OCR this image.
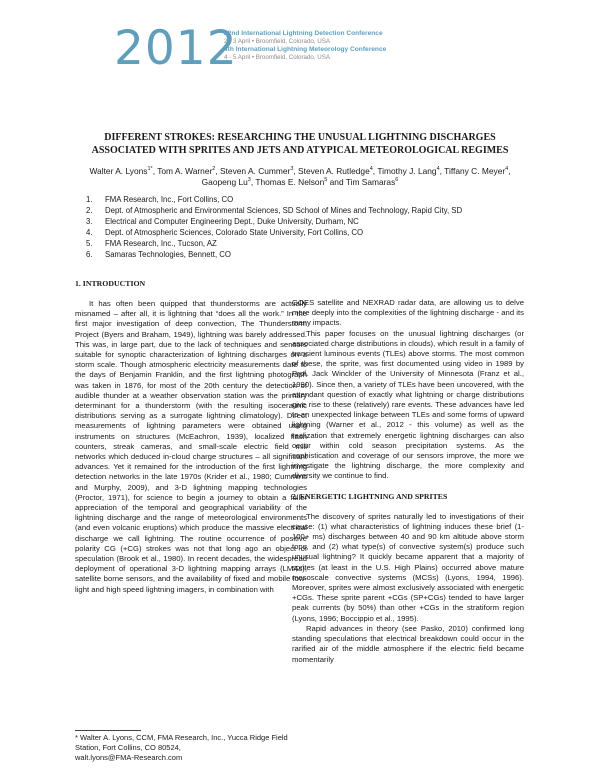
2012
22nd International Lightning Detection Conference
2 - 3 April • Broomfield, Colorado, USA
4th International Lightning Meteorology Conference
4 - 5 April • Broomfield, Colorado, USA
DIFFERENT STROKES: RESEARCHING THE UNUSUAL LIGHTNING DISCHARGES
ASSOCIATED WITH SPRITES AND JETS AND ATYPICAL METEOROLOGICAL REGIMES
Walter A. Lyons$^{1*}$, Tom A. Warner$^2$, Steven A. Cummer$^3$, Steven A. Rutledge$^4$, Timothy J. Lang$^4$, Tiffany C. Meyer$^4$,
Gaopeng Lu$^3$, Thomas E. Nelson$^5$ and Tim Samaras$^6$
1. FMA Research, Inc., Fort Collins, CO
2. Dept. of Atmospheric and Environmental Sciences, SD School of Mines and Technology, Rapid City, SD
3. Electrical and Computer Engineering Dept., Duke University, Durham, NC
4. Dept. of Atmospheric Sciences, Colorado State University, Fort Collins, CO
5. FMA Research, Inc., Tucson, AZ
6. Samaras Technologies, Bennett, CO
1. INTRODUCTION

It has often been quipped that thunderstorms are actually misnamed – after all, it is lightning that “does all the work.” In the first major investigation of deep convection, The Thunderstorm Project (Byers and Braham, 1949), lightning was barely addressed. This was, in large part, due to the lack of techniques and sensors suitable for synoptic characterization of lightning discharges on a storm scale. Though atmospheric electricity measurements date to the days of Benjamin Franklin, and the first lightning photograph was taken in 1876, for most of the 20th century the detection of audible thunder at a weather observation station was the primary determinant for a thunderstorm (with the resulting isoceraunic distributions serving as a surrogate lightning climatology). Direct measurements of lightning parameters were obtained using instruments on structures (McEachron, 1939), localized flash counters, streak cameras, and small-scale electric field mill networks which deduced in-cloud charge structures – all significant advances. Yet it remained for the introduction of the first lightning detection networks in the late 1970s (Krider et al., 1980; Cummins and Murphy, 2009), and 3-D lightning mapping technologies (Proctor, 1971), for science to begin a journey to obtain a fuller appreciation of the temporal and geographical variability of the lightning discharge and the range of meteorological environments (and even volcanic eruptions) which produce the massive electrical discharge we call lightning. The routine occurrence of positive polarity CG (+CG) strokes was not that long ago an object of speculation (Brook et al., 1980). In recent decades, the widespread deployment of operational 3-D lightning mapping arrays (LMAs), satellite borne sensors, and the availability of fixed and mobile low-light and high speed lightning imagers, in combination with

GOES satellite and NEXRAD radar data, are allowing us to delve more deeply into the complexities of the lightning discharge - and its many impacts.

This paper focuses on the unusual lightning discharges (or associated charge distributions in clouds), which result in a family of transient luminous events (TLEs) above storms. The most common of these, the sprite, was first documented using video in 1989 by Prof. Jack Winckler of the University of Minnesota (Franz et al., 1990). Since then, a variety of TLEs have been uncovered, with the attendant question of exactly what lightning or charge distributions give rise to these (relatively) rare events. These advances have led to an unexpected linkage between TLEs and some forms of upward lightning (Warner et al., 2012 - this volume) as well as the realization that extremely energetic lightning discharges can also occur within cold season precipitation systems. As the sophistication and coverage of our sensors improve, the more we investigate the lightning discharge, the more complexity and diversity we continue to find.

2. ENERGETIC LIGHTNING AND SPRITES

The discovery of sprites naturally led to investigations of their cause: (1) what characteristics of lightning induces these brief (1-100+ ms) discharges between 40 and 90 km altitude above storm tops, and (2) what type(s) of convective system(s) produce such unusual lightning? It quickly became apparent that a majority of sprites (at least in the U.S. High Plains) occurred above mature mesoscale convective systems (MCSs) (Lyons, 1994, 1996). Moreover, sprites were almost exclusively associated with energetic +CGs. These sprite parent +CGs (SP+CGs) tended to have larger peak currents (by 50%) than other +CGs in the stratiform region (Lyons, 1996; Boccippio et al., 1995).

Rapid advances in theory (see Pasko, 2010) confirmed long standing speculations that electrical breakdown could occur in the rarified air of the middle atmosphere if the electric field became momentarily

* Walter A. Lyons, CCM, FMA Research, Inc., Yucca Ridge Field Station, Fort Collins, CO 80524,

walt.lyons@FMA-Research.com
